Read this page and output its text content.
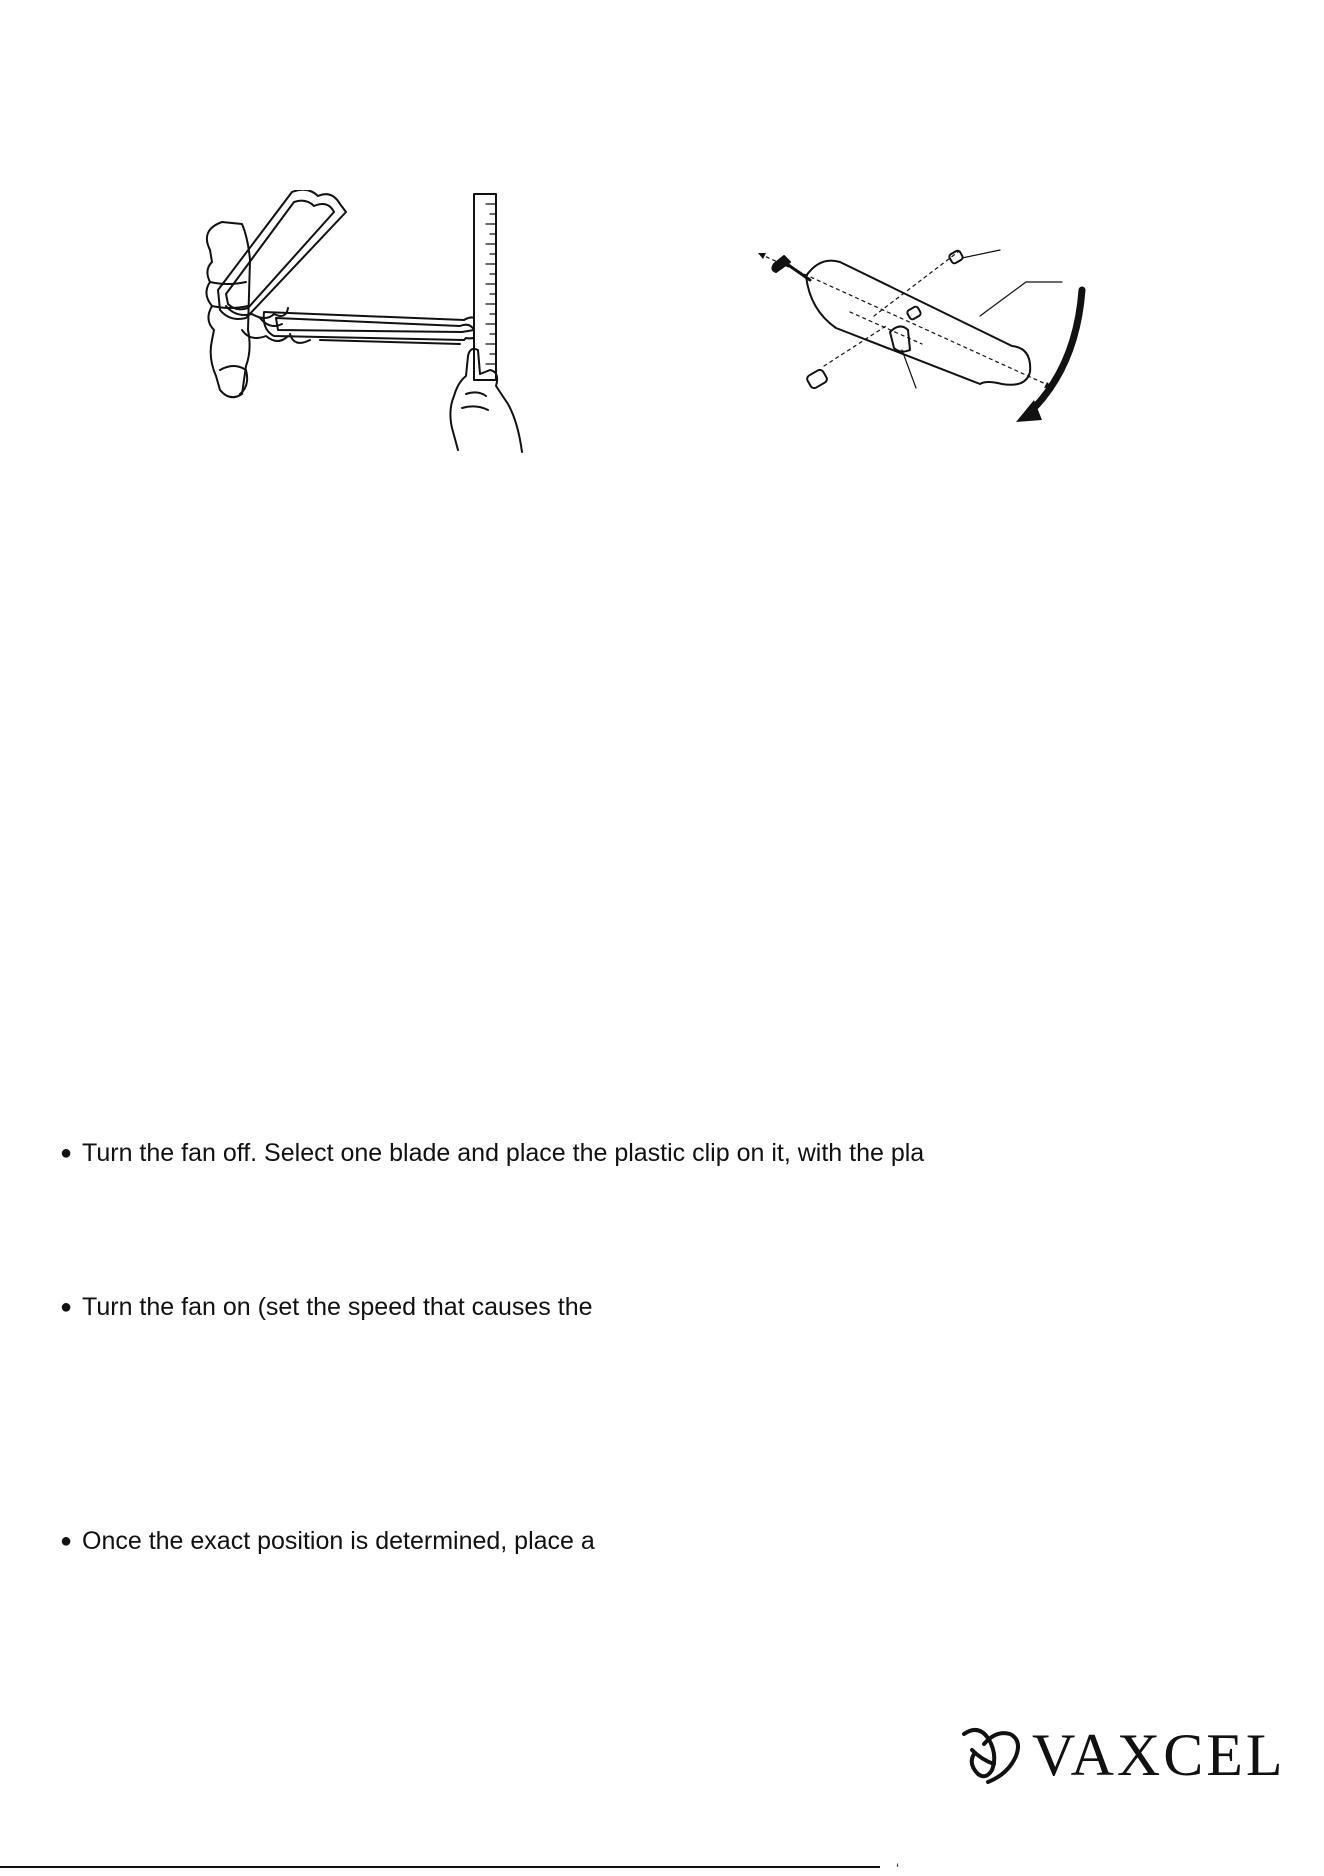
● Turn the fan off. Select one blade and place the plastic clip on it, with the pla
● Turn the fan on (set the speed that causes the
● Once the exact position is determined, place a
VAXCEL
‘
